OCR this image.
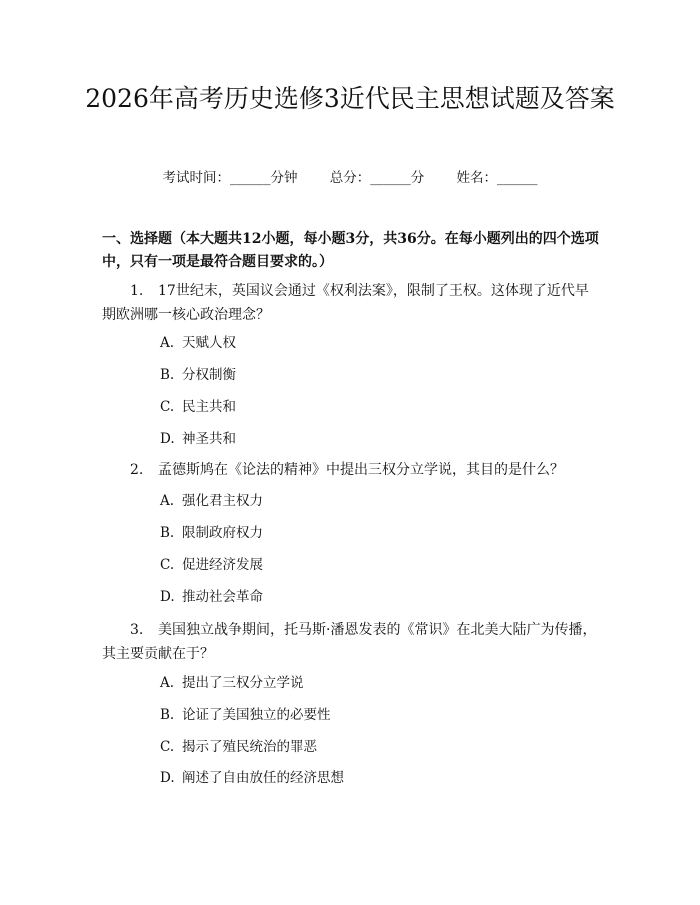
2026年高考历史选修3近代民主思想试题及答案
考试时间：______分钟 总分：______分 姓名：______
一、选择题（本大题共12小题，每小题3分，共36分。在每小题列出的四个选项中，只有一项是最符合题目要求的。）
1. 17世纪末，英国议会通过《权利法案》，限制了王权。这体现了近代早期欧洲哪一核心政治理念？
A. 天赋人权
B. 分权制衡
C. 民主共和
D. 神圣共和
2. 孟德斯鸠在《论法的精神》中提出三权分立学说，其目的是什么？
A. 强化君主权力
B. 限制政府权力
C. 促进经济发展
D. 推动社会革命
3. 美国独立战争期间，托马斯·潘恩发表的《常识》在北美大陆广为传播，其主要贡献在于？
A. 提出了三权分立学说
B. 论证了美国独立的必要性
C. 揭示了殖民统治的罪恶
D. 阐述了自由放任的经济思想
